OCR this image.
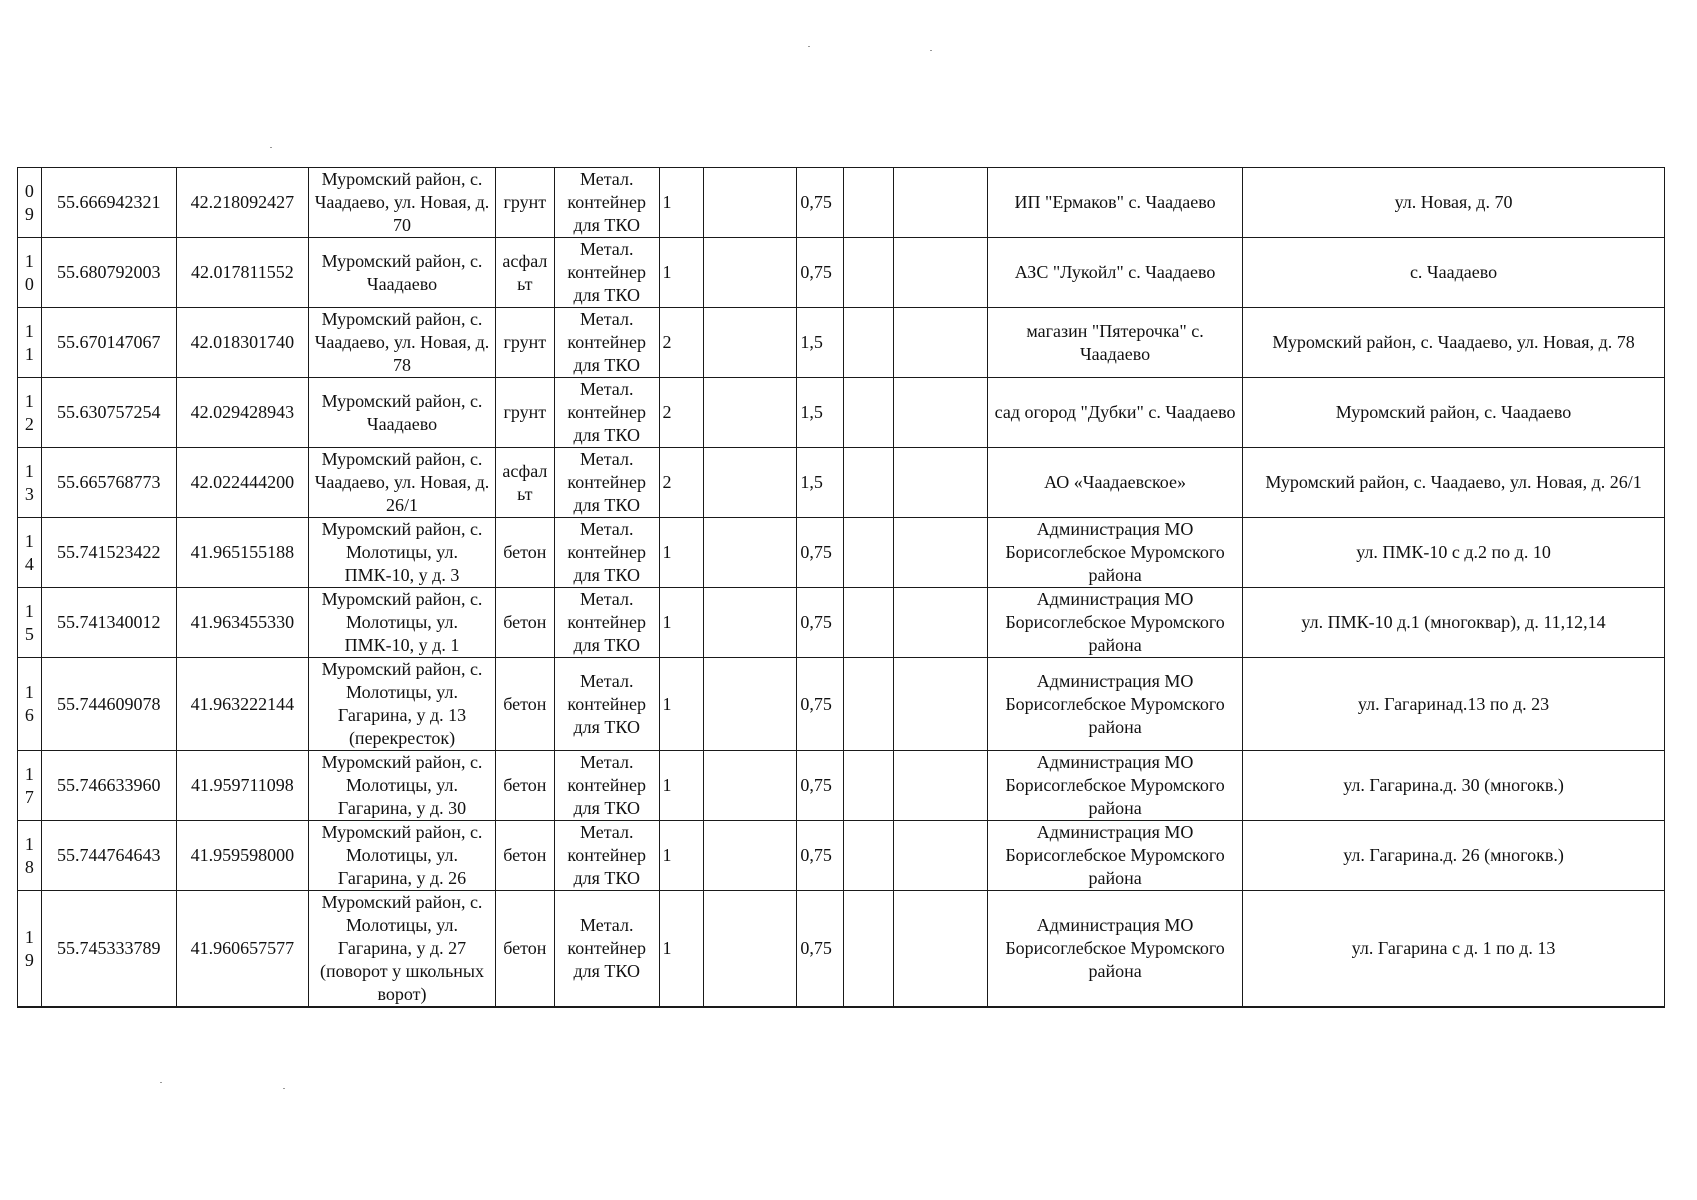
09	55.666942321	42.218092427	Муромский район, с. Чаадаево, ул. Новая, д. 70	грунт	Метал. контейнер для ТКО	1		0,75			ИП "Ермаков" с. Чаадаево	ул. Новая, д. 70
10	55.680792003	42.017811552	Муромский район, с. Чаадаево	асфальт	Метал. контейнер для ТКО	1		0,75			АЗС "Лукойл" с. Чаадаево	с. Чаадаево
11	55.670147067	42.018301740	Муромский район, с. Чаадаево, ул. Новая, д. 78	грунт	Метал. контейнер для ТКО	2		1,5			магазин "Пятерочка" с. Чаадаево	Муромский район, с. Чаадаево, ул. Новая, д. 78
12	55.630757254	42.029428943	Муромский район, с. Чаадаево	грунт	Метал. контейнер для ТКО	2		1,5			сад огород "Дубки" с. Чаадаево	Муромский район, с. Чаадаево
13	55.665768773	42.022444200	Муромский район, с. Чаадаево, ул. Новая, д. 26/1	асфальт	Метал. контейнер для ТКО	2		1,5			АО «Чаадаевское»	Муромский район, с. Чаадаево, ул. Новая, д. 26/1
14	55.741523422	41.965155188	Муромский район, с. Молотицы, ул. ПМК-10, у д. 3	бетон	Метал. контейнер для ТКО	1		0,75			Администрация МО Борисоглебское Муромского района	ул. ПМК-10 с д.2 по д. 10
15	55.741340012	41.963455330	Муромский район, с. Молотицы, ул. ПМК-10, у д. 1	бетон	Метал. контейнер для ТКО	1		0,75			Администрация МО Борисоглебское Муромского района	ул. ПМК-10 д.1 (многоквар), д. 11,12,14
16	55.744609078	41.963222144	Муромский район, с. Молотицы, ул. Гагарина, у д. 13 (перекресток)	бетон	Метал. контейнер для ТКО	1		0,75			Администрация МО Борисоглебское Муромского района	ул. Гагаринад.13 по д. 23
17	55.746633960	41.959711098	Муромский район, с. Молотицы, ул. Гагарина, у д. 30	бетон	Метал. контейнер для ТКО	1		0,75			Администрация МО Борисоглебское Муромского района	ул. Гагарина.д. 30 (многокв.)
18	55.744764643	41.959598000	Муромский район, с. Молотицы, ул. Гагарина, у д. 26	бетон	Метал. контейнер для ТКО	1		0,75			Администрация МО Борисоглебское Муромского района	ул. Гагарина.д. 26 (многокв.)
19	55.745333789	41.960657577	Муромский район, с. Молотицы, ул. Гагарина, у д. 27 (поворот у школьных ворот)	бетон	Метал. контейнер для ТКО	1		0,75			Администрация МО Борисоглебское Муромского района	ул. Гагарина с д. 1 по д. 13
